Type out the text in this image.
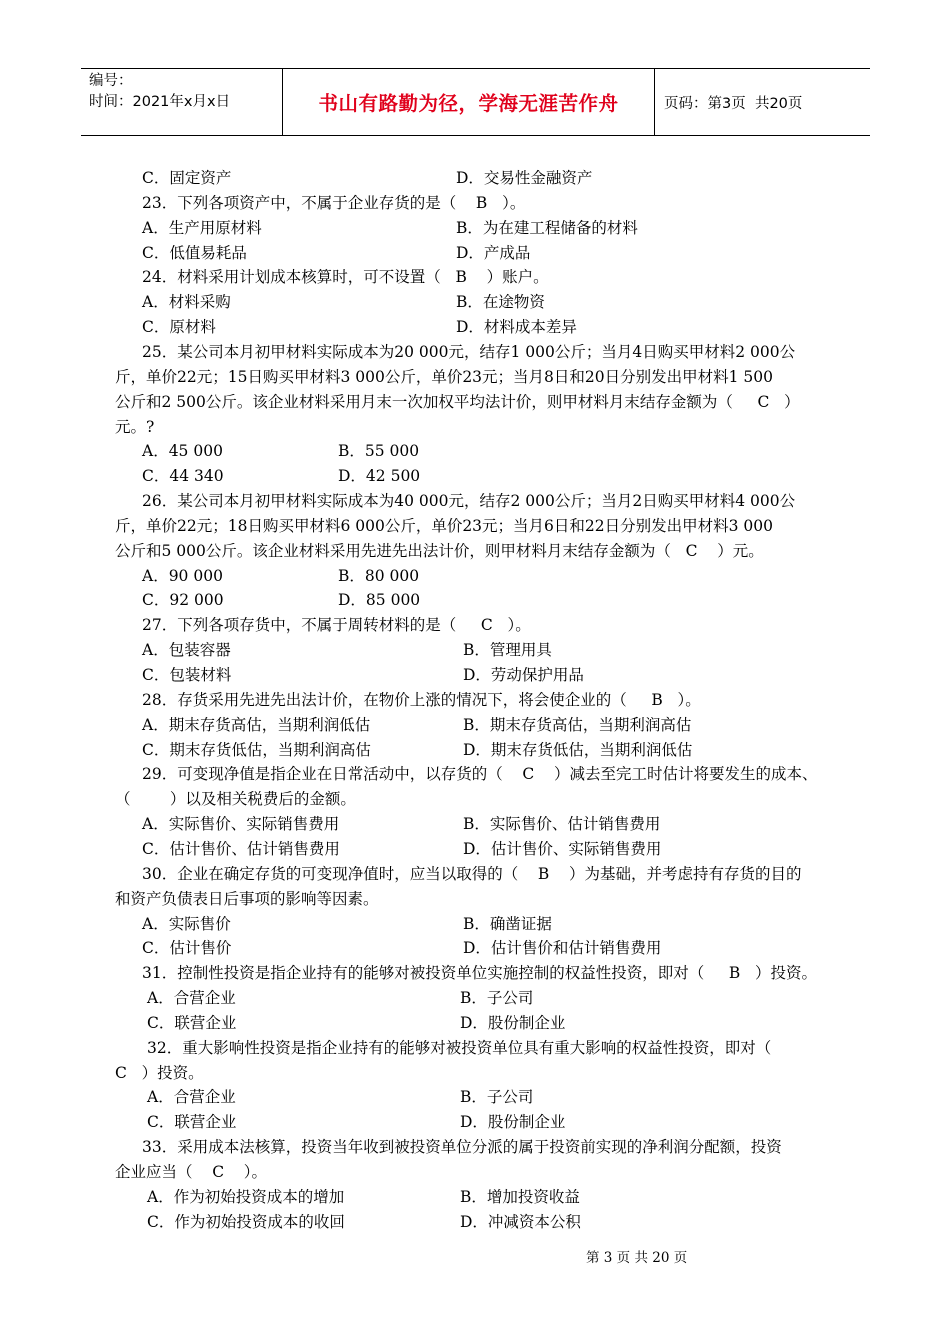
编号：
时间：2021年x月x日	书山有路勤为径，学海无涯苦作舟	页码：第3页  共20页
C．固定资产	D．交易性金融资产
23．下列各项资产中，不属于企业存货的是（    B   ）。
A．生产用原材料	B．为在建工程储备的材料
C．低值易耗品	D．产成品
24．材料采用计划成本核算时，可不设置（   B    ）账户。
A．材料采购	B．在途物资
C．原材料	D．材料成本差异
25．某公司本月初甲材料实际成本为20 000元，结存1 000公斤；当月4日购买甲材料2 000公
斤，单价22元；15日购买甲材料3 000公斤，单价23元；当月8日和20日分别发出甲材料1 500
公斤和2 500公斤。该企业材料采用月末一次加权平均法计价，则甲材料月末结存金额为（     C   ）
元。?
A．45 000	B．55 000
C．44 340	D．42 500
26．某公司本月初甲材料实际成本为40 000元，结存2 000公斤；当月2日购买甲材料4 000公
斤，单价22元；18日购买甲材料6 000公斤，单价23元；当月6日和22日分别发出甲材料3 000
公斤和5 000公斤。该企业材料采用先进先出法计价，则甲材料月末结存金额为（   C    ）元。
A．90 000	B．80 000
C．92 000	D．85 000
27．下列各项存货中，不属于周转材料的是（     C   ）。
A．包装容器	B．管理用具
C．包装材料	D．劳动保护用品
28．存货采用先进先出法计价，在物价上涨的情况下，将会使企业的（     B   ）。
A．期末存货高估，当期利润低估	B．期末存货高估，当期利润高估
C．期末存货低估，当期利润高估	D．期末存货低估，当期利润低估
29．可变现净值是指企业在日常活动中，以存货的（    C    ）减去至完工时估计将要发生的成本、
（        ）以及相关税费后的金额。
A．实际售价、实际销售费用	B．实际售价、估计销售费用
C．估计售价、估计销售费用	D．估计售价、实际销售费用
30．企业在确定存货的可变现净值时，应当以取得的（    B    ）为基础，并考虑持有存货的目的
和资产负债表日后事项的影响等因素。
A．实际售价	B．确凿证据
C．估计售价	D．估计售价和估计销售费用
31．控制性投资是指企业持有的能够对被投资单位实施控制的权益性投资，即对（     B   ）投资。
A．合营企业	B．子公司
C．联营企业	D．股份制企业
32．重大影响性投资是指企业持有的能够对被投资单位具有重大影响的权益性投资，即对（
C   ）投资。
A．合营企业	B．子公司
C．联营企业	D．股份制企业
33．采用成本法核算，投资当年收到被投资单位分派的属于投资前实现的净利润分配额，投资
企业应当（    C    ）。
A．作为初始投资成本的增加	B．增加投资收益
C．作为初始投资成本的收回	D．冲减资本公积
第 3 页 共 20 页
